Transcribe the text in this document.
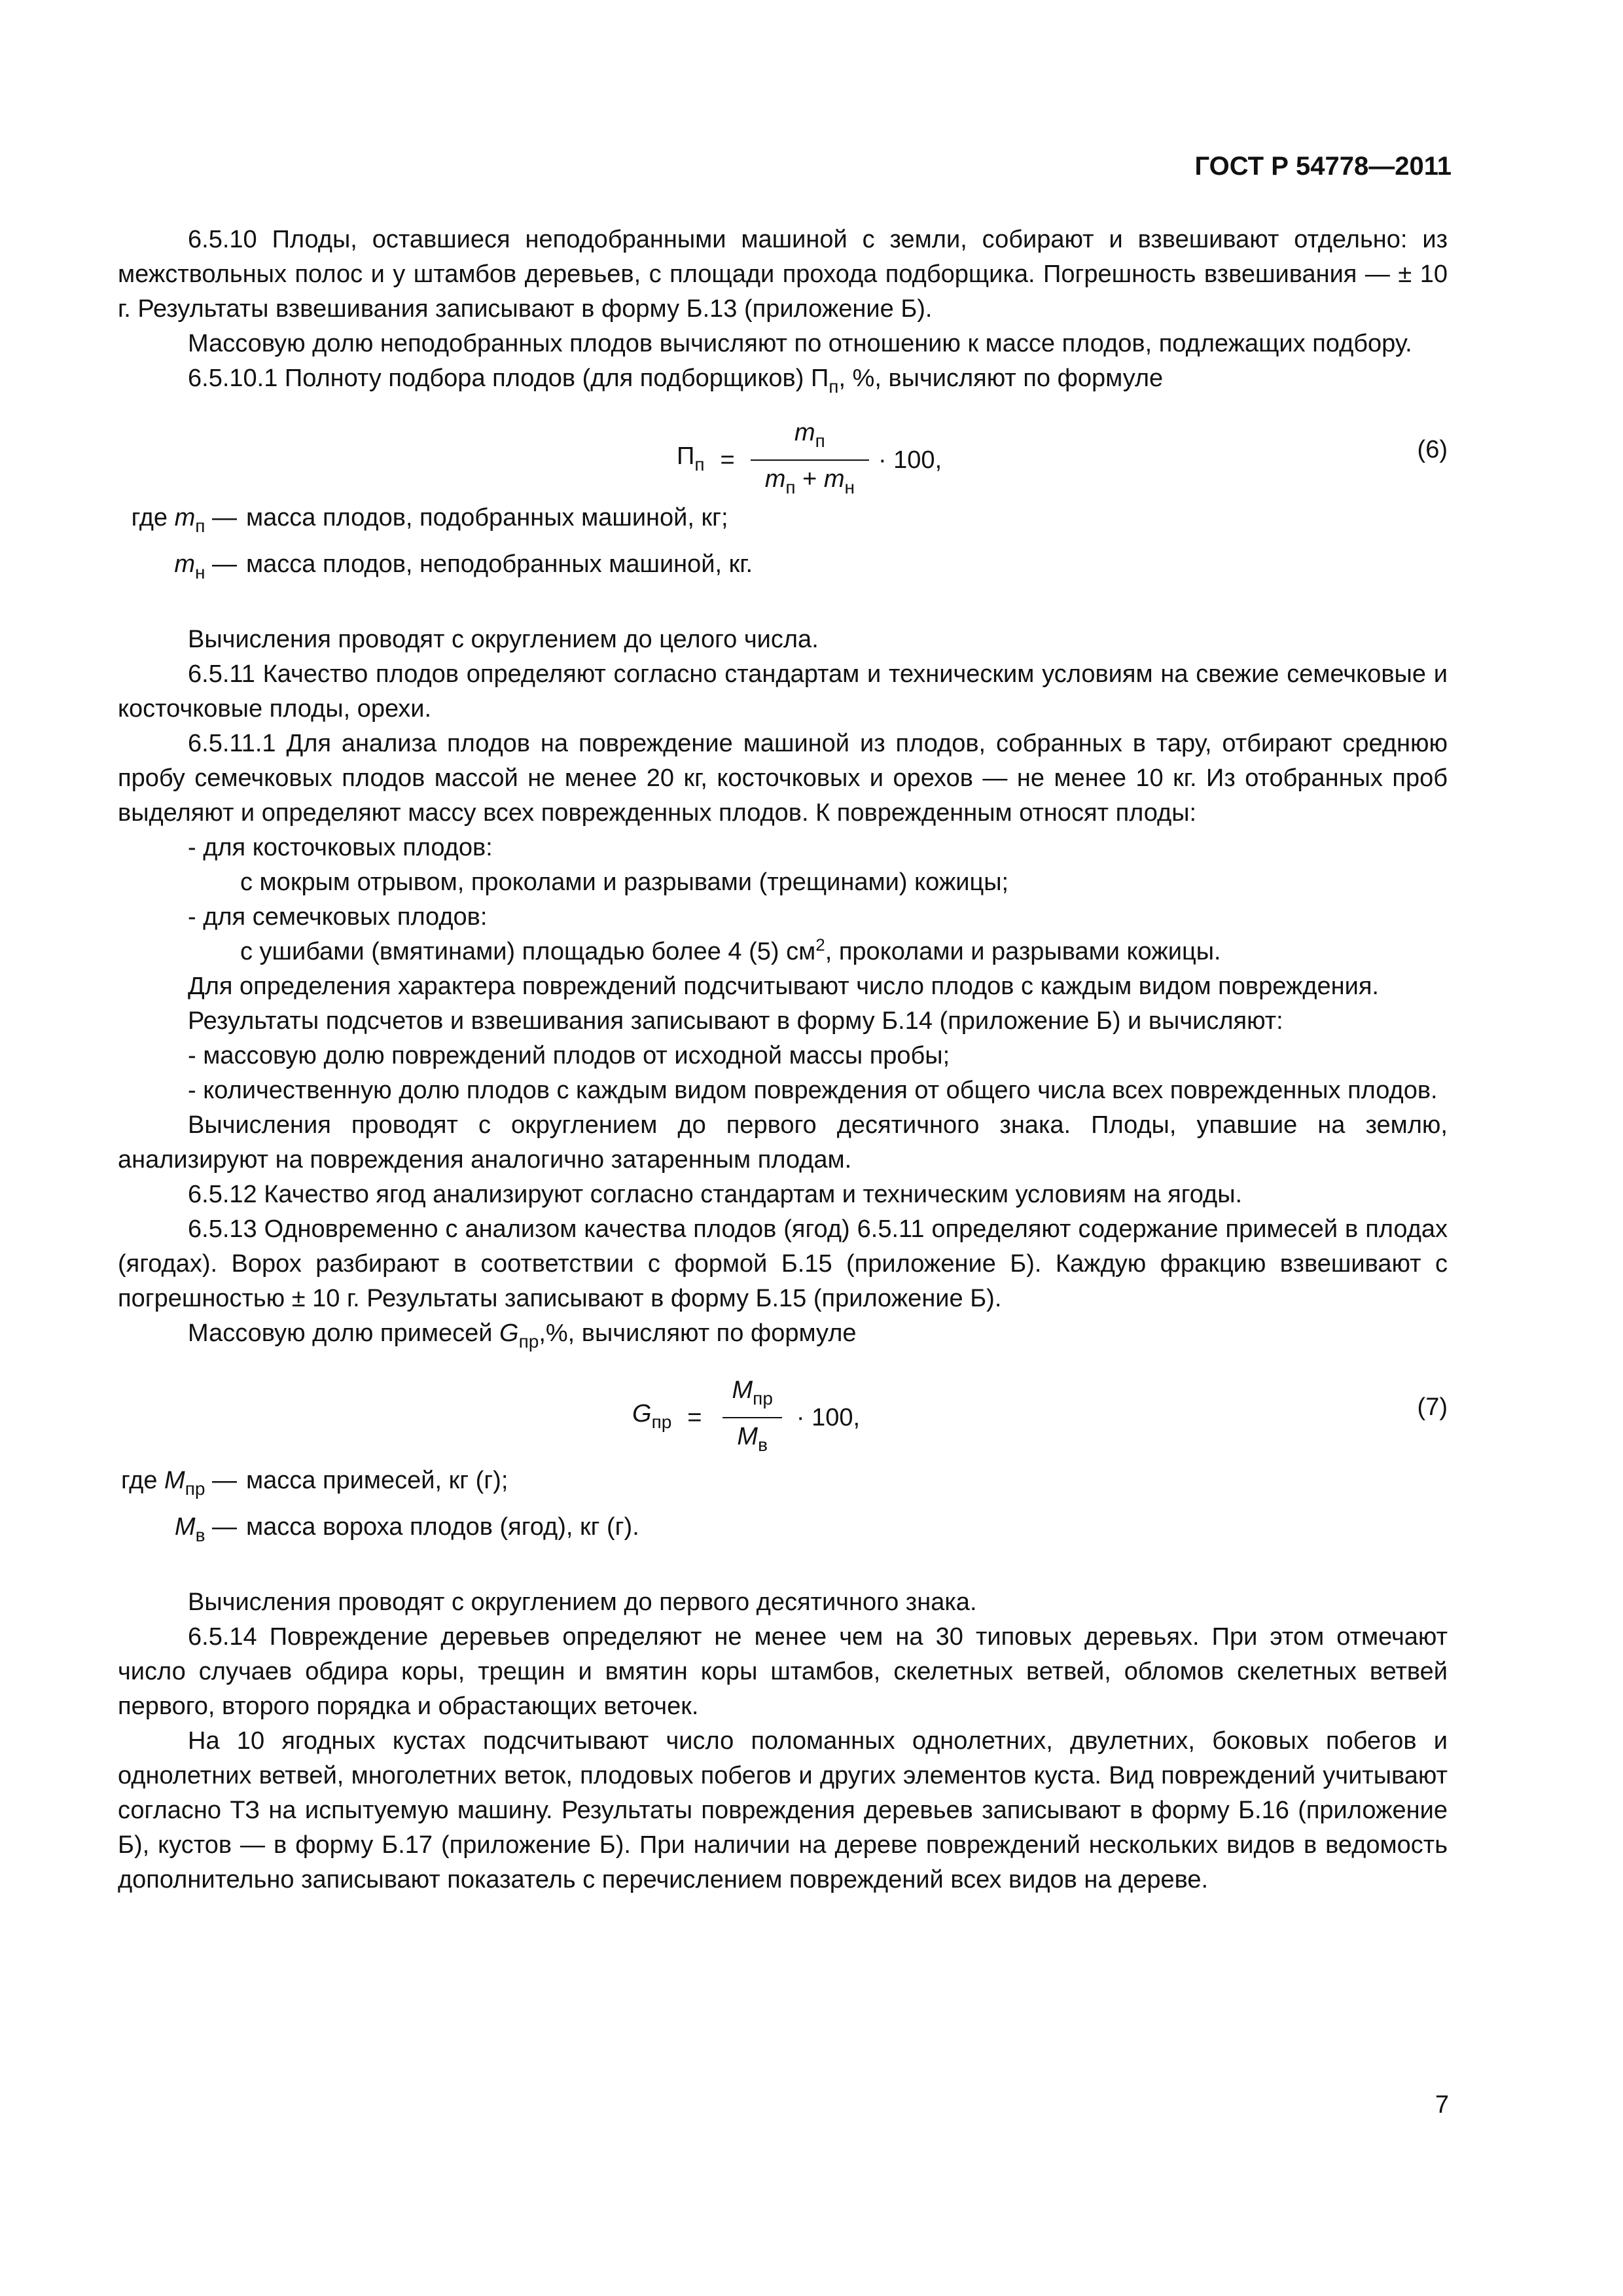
ГОСТ Р 54778—2011

6.5.10 Плоды, оставшиеся неподобранными машиной с земли, собирают и взвешивают отдельно: из межствольных полос и у штамбов деревьев, с площади прохода подборщика. Погрешность взвешивания — ± 10 г. Результаты взвешивания записывают в форму Б.13 (приложение Б).

Массовую долю неподобранных плодов вычисляют по отношению к массе плодов, подлежащих подбору.

6.5.10.1 Полноту подбора плодов (для подборщиков) $П_п$, %, вычисляют по формуле

$П_п = \frac{m_п}{m_п + m_н} \cdot 100$,	(6)
где $m_п$ — масса плодов, подобранных машиной, кг;
$m_н$ — масса плодов, неподобранных машиной, кг.

Вычисления проводят с округлением до целого числа.

6.5.11 Качество плодов определяют согласно стандартам и техническим условиям на свежие семечковые и косточковые плоды, орехи.

6.5.11.1 Для анализа плодов на повреждение машиной из плодов, собранных в тару, отбирают среднюю пробу семечковых плодов массой не менее 20 кг, косточковых и орехов — не менее 10 кг. Из отобранных проб выделяют и определяют массу всех поврежденных плодов. К поврежденным относят плоды:

- для косточковых плодов:

с мокрым отрывом, проколами и разрывами (трещинами) кожицы;

- для семечковых плодов:

с ушибами (вмятинами) площадью более 4 (5) $см^2$, проколами и разрывами кожицы.

Для определения характера повреждений подсчитывают число плодов с каждым видом повреждения.

Результаты подсчетов и взвешивания записывают в форму Б.14 (приложение Б) и вычисляют:

- массовую долю повреждений плодов от исходной массы пробы;

- количественную долю плодов с каждым видом повреждения от общего числа всех поврежденных плодов.

Вычисления проводят с округлением до первого десятичного знака. Плоды, упавшие на землю, анализируют на повреждения аналогично затаренным плодам.

6.5.12 Качество ягод анализируют согласно стандартам и техническим условиям на ягоды.

6.5.13 Одновременно с анализом качества плодов (ягод) 6.5.11 определяют содержание примесей в плодах (ягодах). Ворох разбирают в соответствии с формой Б.15 (приложение Б). Каждую фракцию взвешивают с погрешностью ± 10 г. Результаты записывают в форму Б.15 (приложение Б).

Массовую долю примесей $G_{пр},\%$, вычисляют по формуле

$G_{пр} = \frac{M_{пр}}{M_в} \cdot 100$,	(7)
где $M_{пр}$ — масса примесей, кг (г);
$M_в$ — масса вороха плодов (ягод), кг (г).

Вычисления проводят с округлением до первого десятичного знака.

6.5.14 Повреждение деревьев определяют не менее чем на 30 типовых деревьях. При этом отмечают число случаев обдира коры, трещин и вмятин коры штамбов, скелетных ветвей, обломов скелетных ветвей первого, второго порядка и обрастающих веточек.

На 10 ягодных кустах подсчитывают число поломанных однолетних, двулетних, боковых побегов и однолетних ветвей, многолетних веток, плодовых побегов и других элементов куста. Вид повреждений учитывают согласно ТЗ на испытуемую машину. Результаты повреждения деревьев записывают в форму Б.16 (приложение Б), кустов — в форму Б.17 (приложение Б). При наличии на дереве повреждений нескольких видов в ведомость дополнительно записывают показатель с перечислением повреждений всех видов на дереве.

7
